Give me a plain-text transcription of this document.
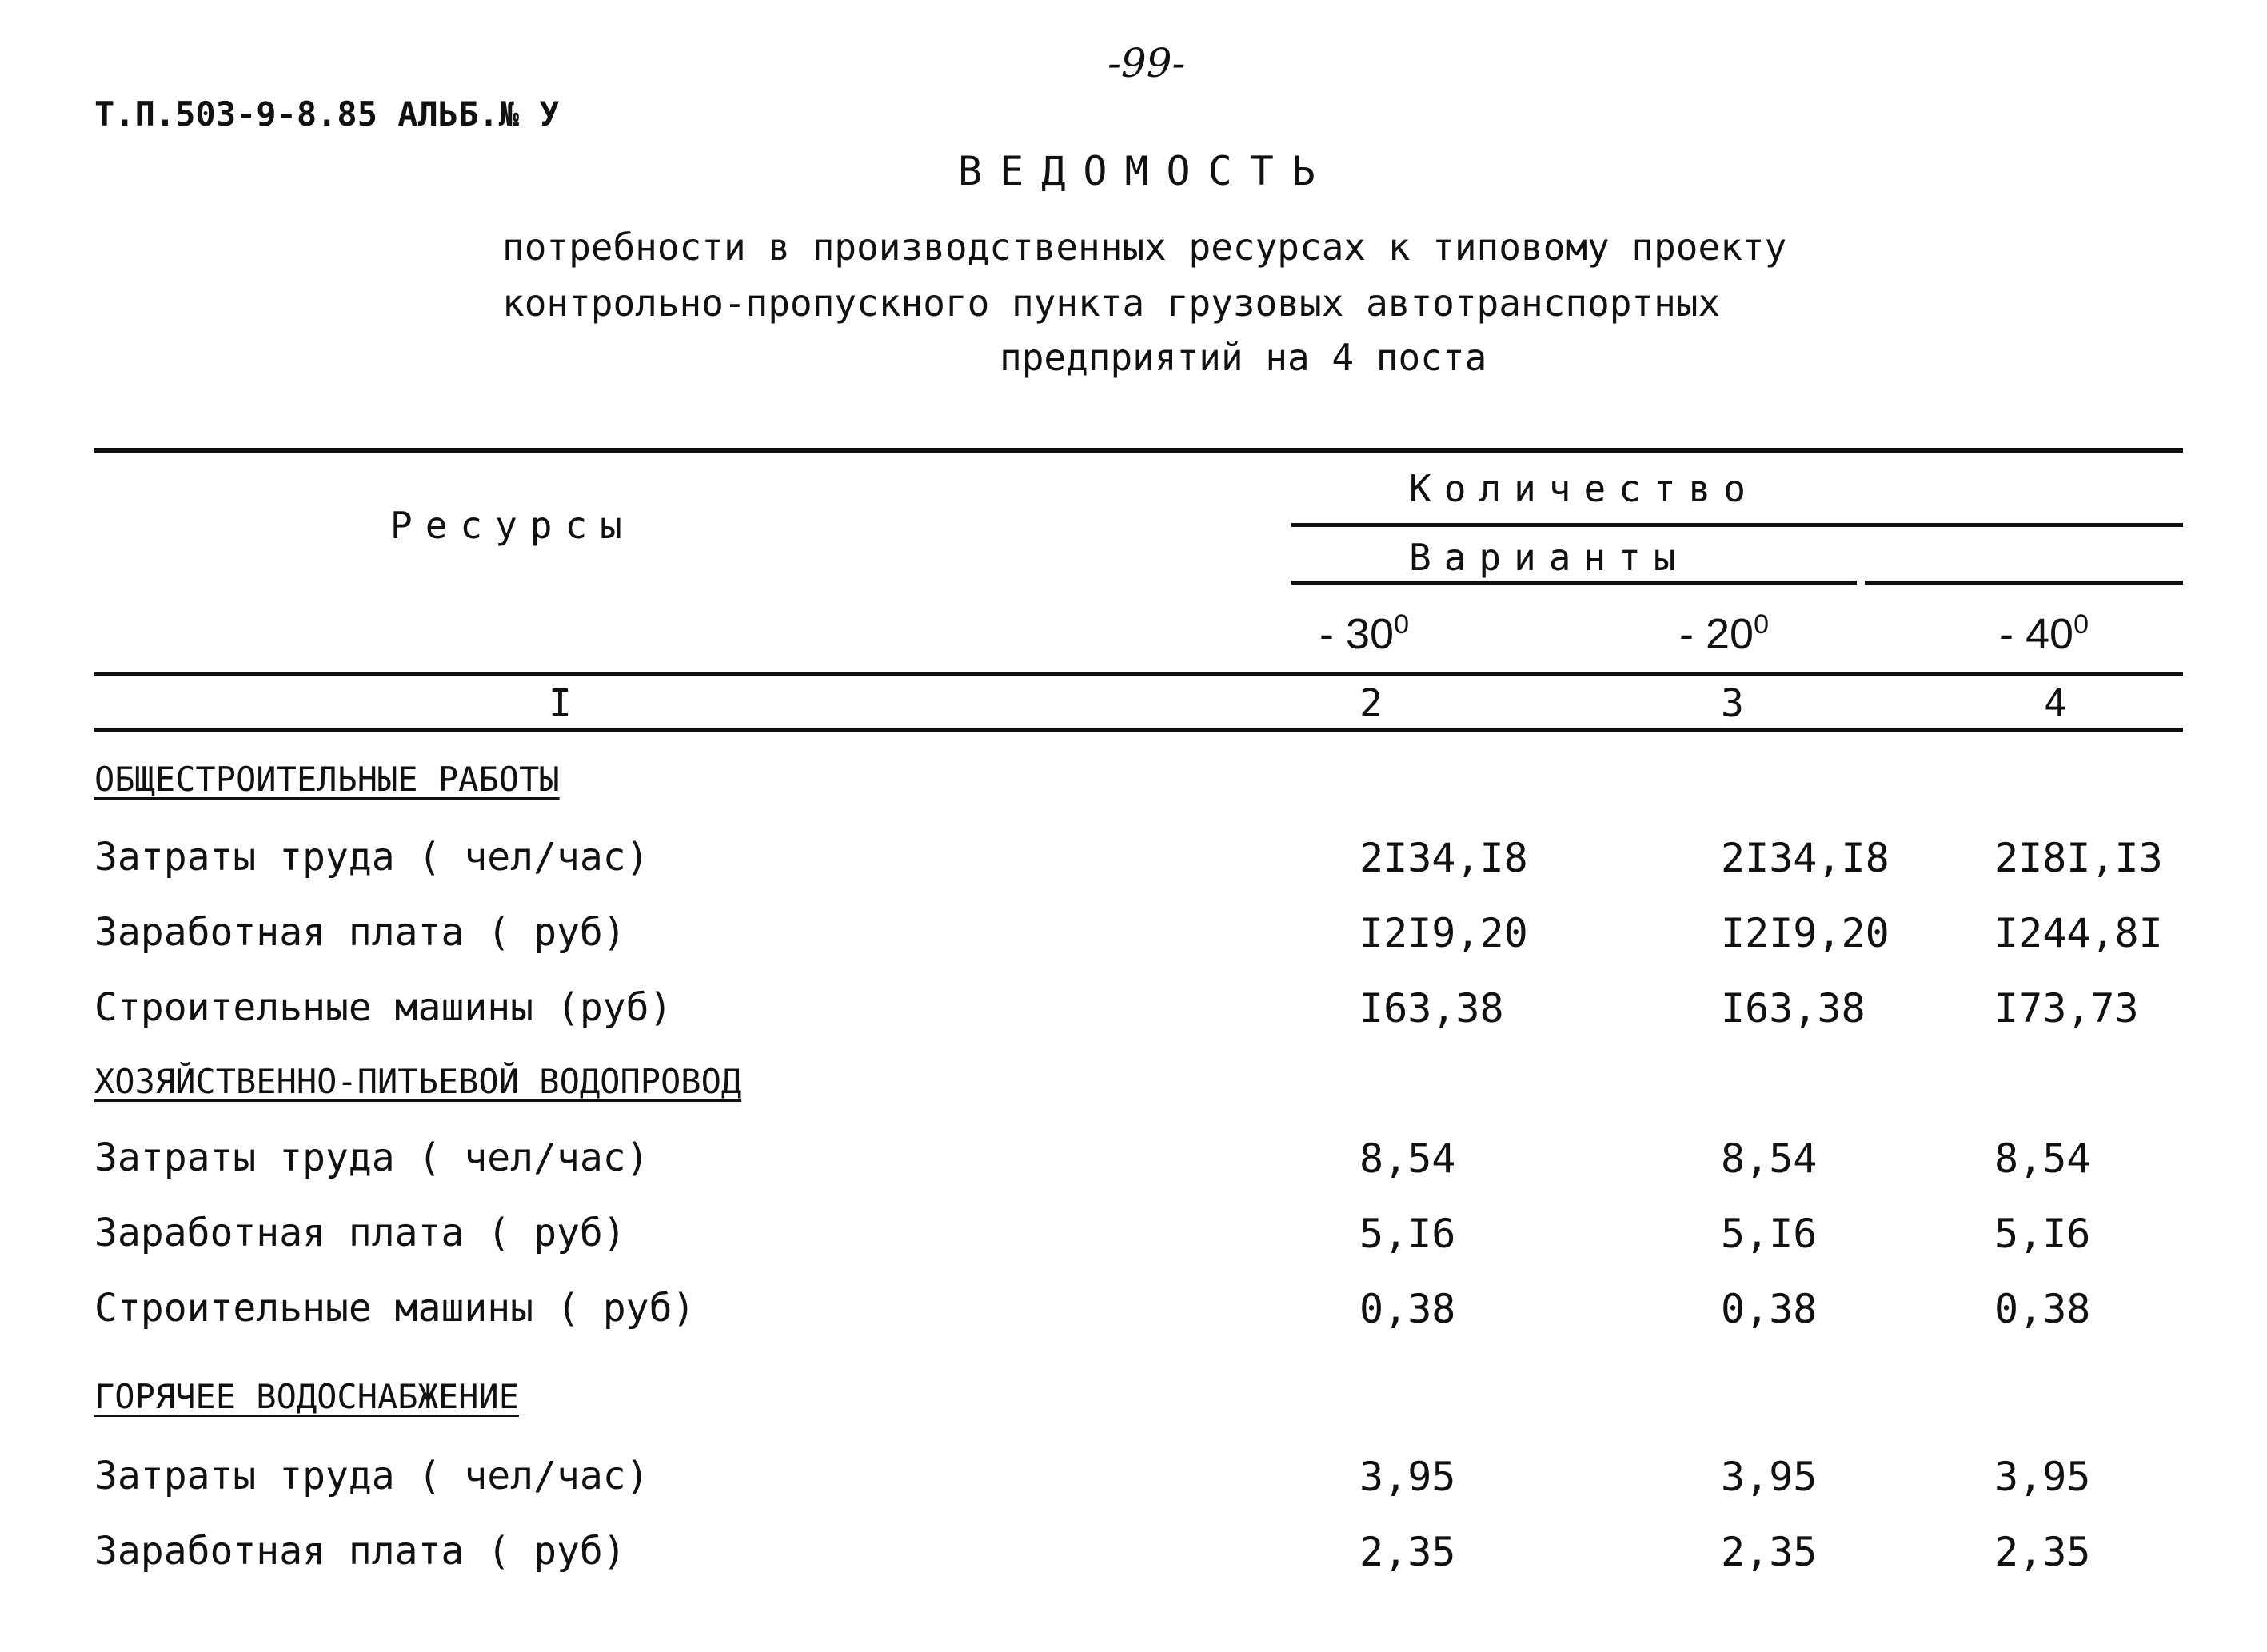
-99-
Т.П.503-9-8.85 АЛЬБ.№ У
ВЕДОМОСТЬ
потребности в производственных ресурсах к типовому проекту
контрольно-пропускного пункта грузовых автотранспортных
предприятий на 4 поста
Ресурсы
Количество
Варианты
- $30^0$	- $20^0$	- $40^0$
I	2	3	4
ОБЩЕСТРОИТЕЛЬНЫЕ РАБОТЫ
Затраты труда ( чел/час)	2I34,I8	2I34,I8	2I8I,I3
Заработная плата ( руб)	I2I9,20	I2I9,20	I244,8I
Строительные машины (руб)	I63,38	I63,38	I73,73
ХОЗЯЙСТВЕННО-ПИТЬЕВОЙ ВОДОПРОВОД
Затраты труда ( чел/час)	8,54	8,54	8,54
Заработная плата ( руб)	5,I6	5,I6	5,I6
Строительные машины ( руб)	0,38	0,38	0,38
ГОРЯЧЕЕ ВОДОСНАБЖЕНИЕ
Затраты труда ( чел/час)	3,95	3,95	3,95
Заработная плата ( руб)	2,35	2,35	2,35
